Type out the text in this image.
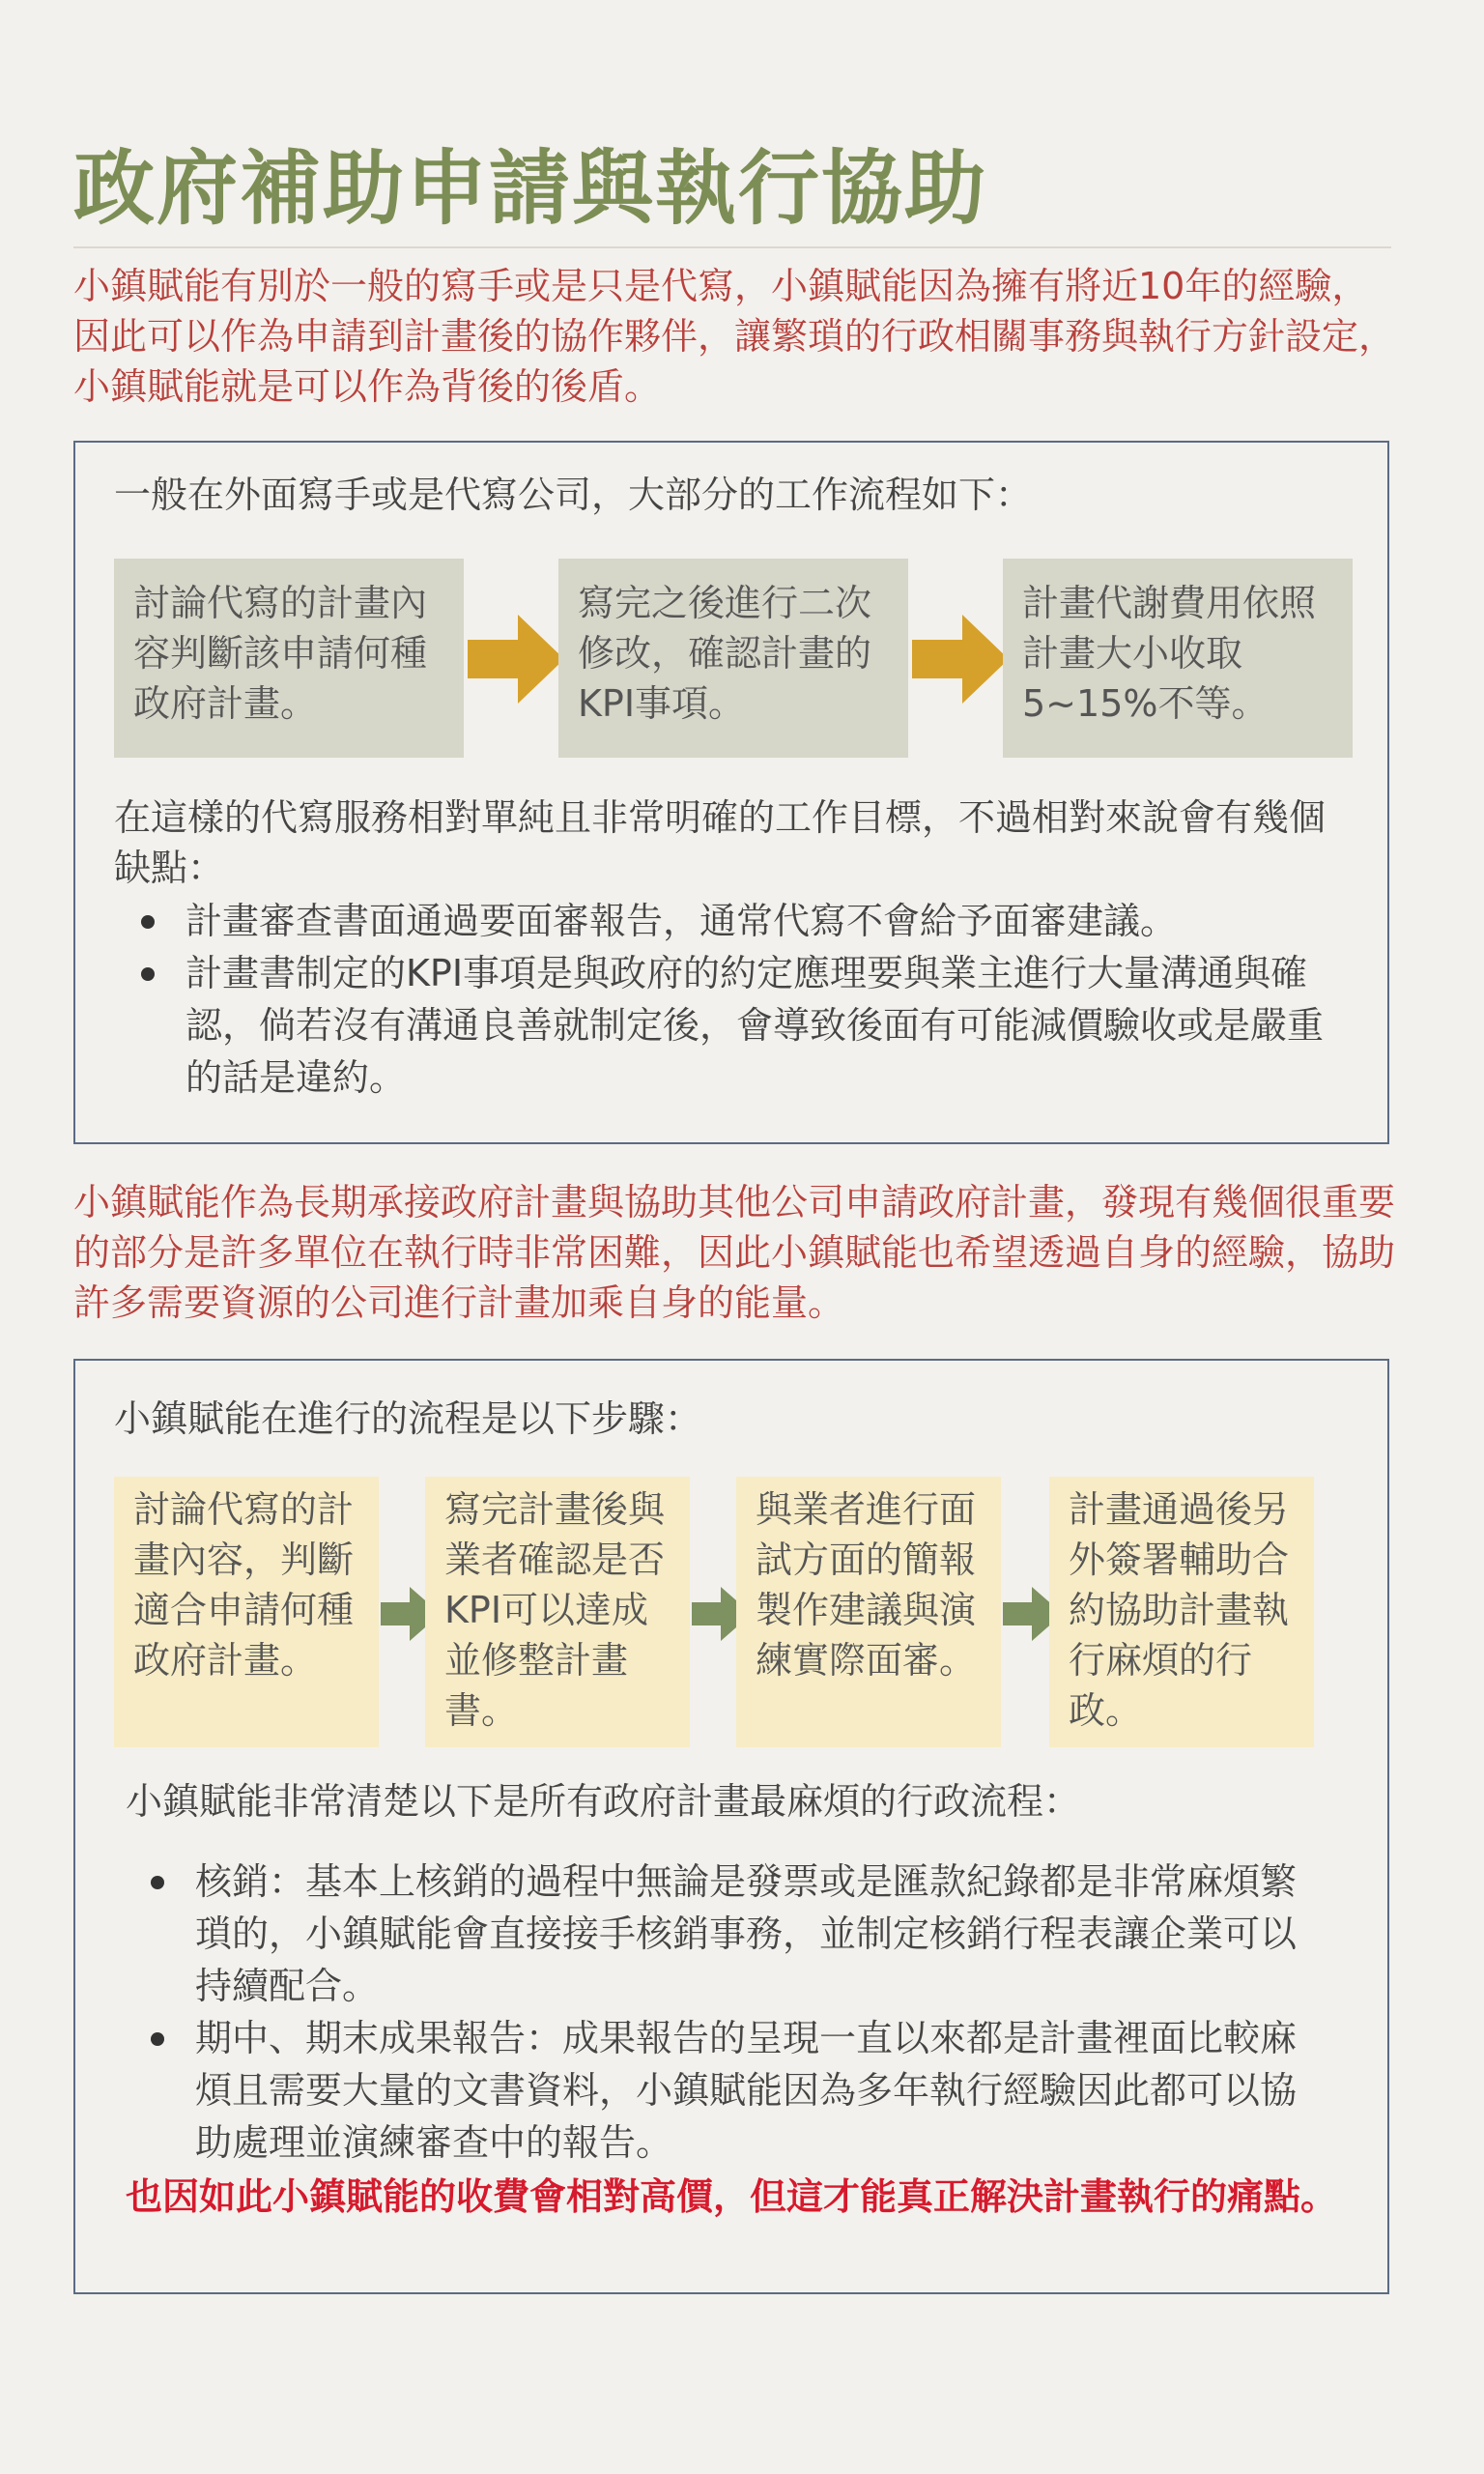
政府補助申請與執行協助
小鎮賦能有別於一般的寫手或是只是代寫，小鎮賦能因為擁有將近10年的經驗，因此可以作為申請到計畫後的協作夥伴，讓繁瑣的行政相關事務與執行方針設定，小鎮賦能就是可以作為背後的後盾。
一般在外面寫手或是代寫公司，大部分的工作流程如下：
討論代寫的計畫內容判斷該申請何種政府計畫。
寫完之後進行二次修改，確認計畫的KPI事項。
計畫代謝費用依照計畫大小收取5~15%不等。
在這樣的代寫服務相對單純且非常明確的工作目標，不過相對來說會有幾個缺點：
計畫審查書面通過要面審報告，通常代寫不會給予面審建議。
計畫書制定的KPI事項是與政府的約定應理要與業主進行大量溝通與確認，倘若沒有溝通良善就制定後，會導致後面有可能減價驗收或是嚴重的話是違約。
小鎮賦能作為長期承接政府計畫與協助其他公司申請政府計畫，發現有幾個很重要的部分是許多單位在執行時非常困難，因此小鎮賦能也希望透過自身的經驗，協助許多需要資源的公司進行計畫加乘自身的能量。
小鎮賦能在進行的流程是以下步驟：
討論代寫的計畫內容，判斷適合申請何種政府計畫。
寫完計畫後與業者確認是否KPI可以達成並修整計畫書。
與業者進行面試方面的簡報製作建議與演練實際面審。
計畫通過後另外簽署輔助合約協助計畫執行麻煩的行政。
小鎮賦能非常清楚以下是所有政府計畫最麻煩的行政流程：
核銷：基本上核銷的過程中無論是發票或是匯款紀錄都是非常麻煩繁瑣的，小鎮賦能會直接接手核銷事務，並制定核銷行程表讓企業可以持續配合。
期中、期末成果報告：成果報告的呈現一直以來都是計畫裡面比較麻煩且需要大量的文書資料，小鎮賦能因為多年執行經驗因此都可以協助處理並演練審查中的報告。
也因如此小鎮賦能的收費會相對高價，但這才能真正解決計畫執行的痛點。
